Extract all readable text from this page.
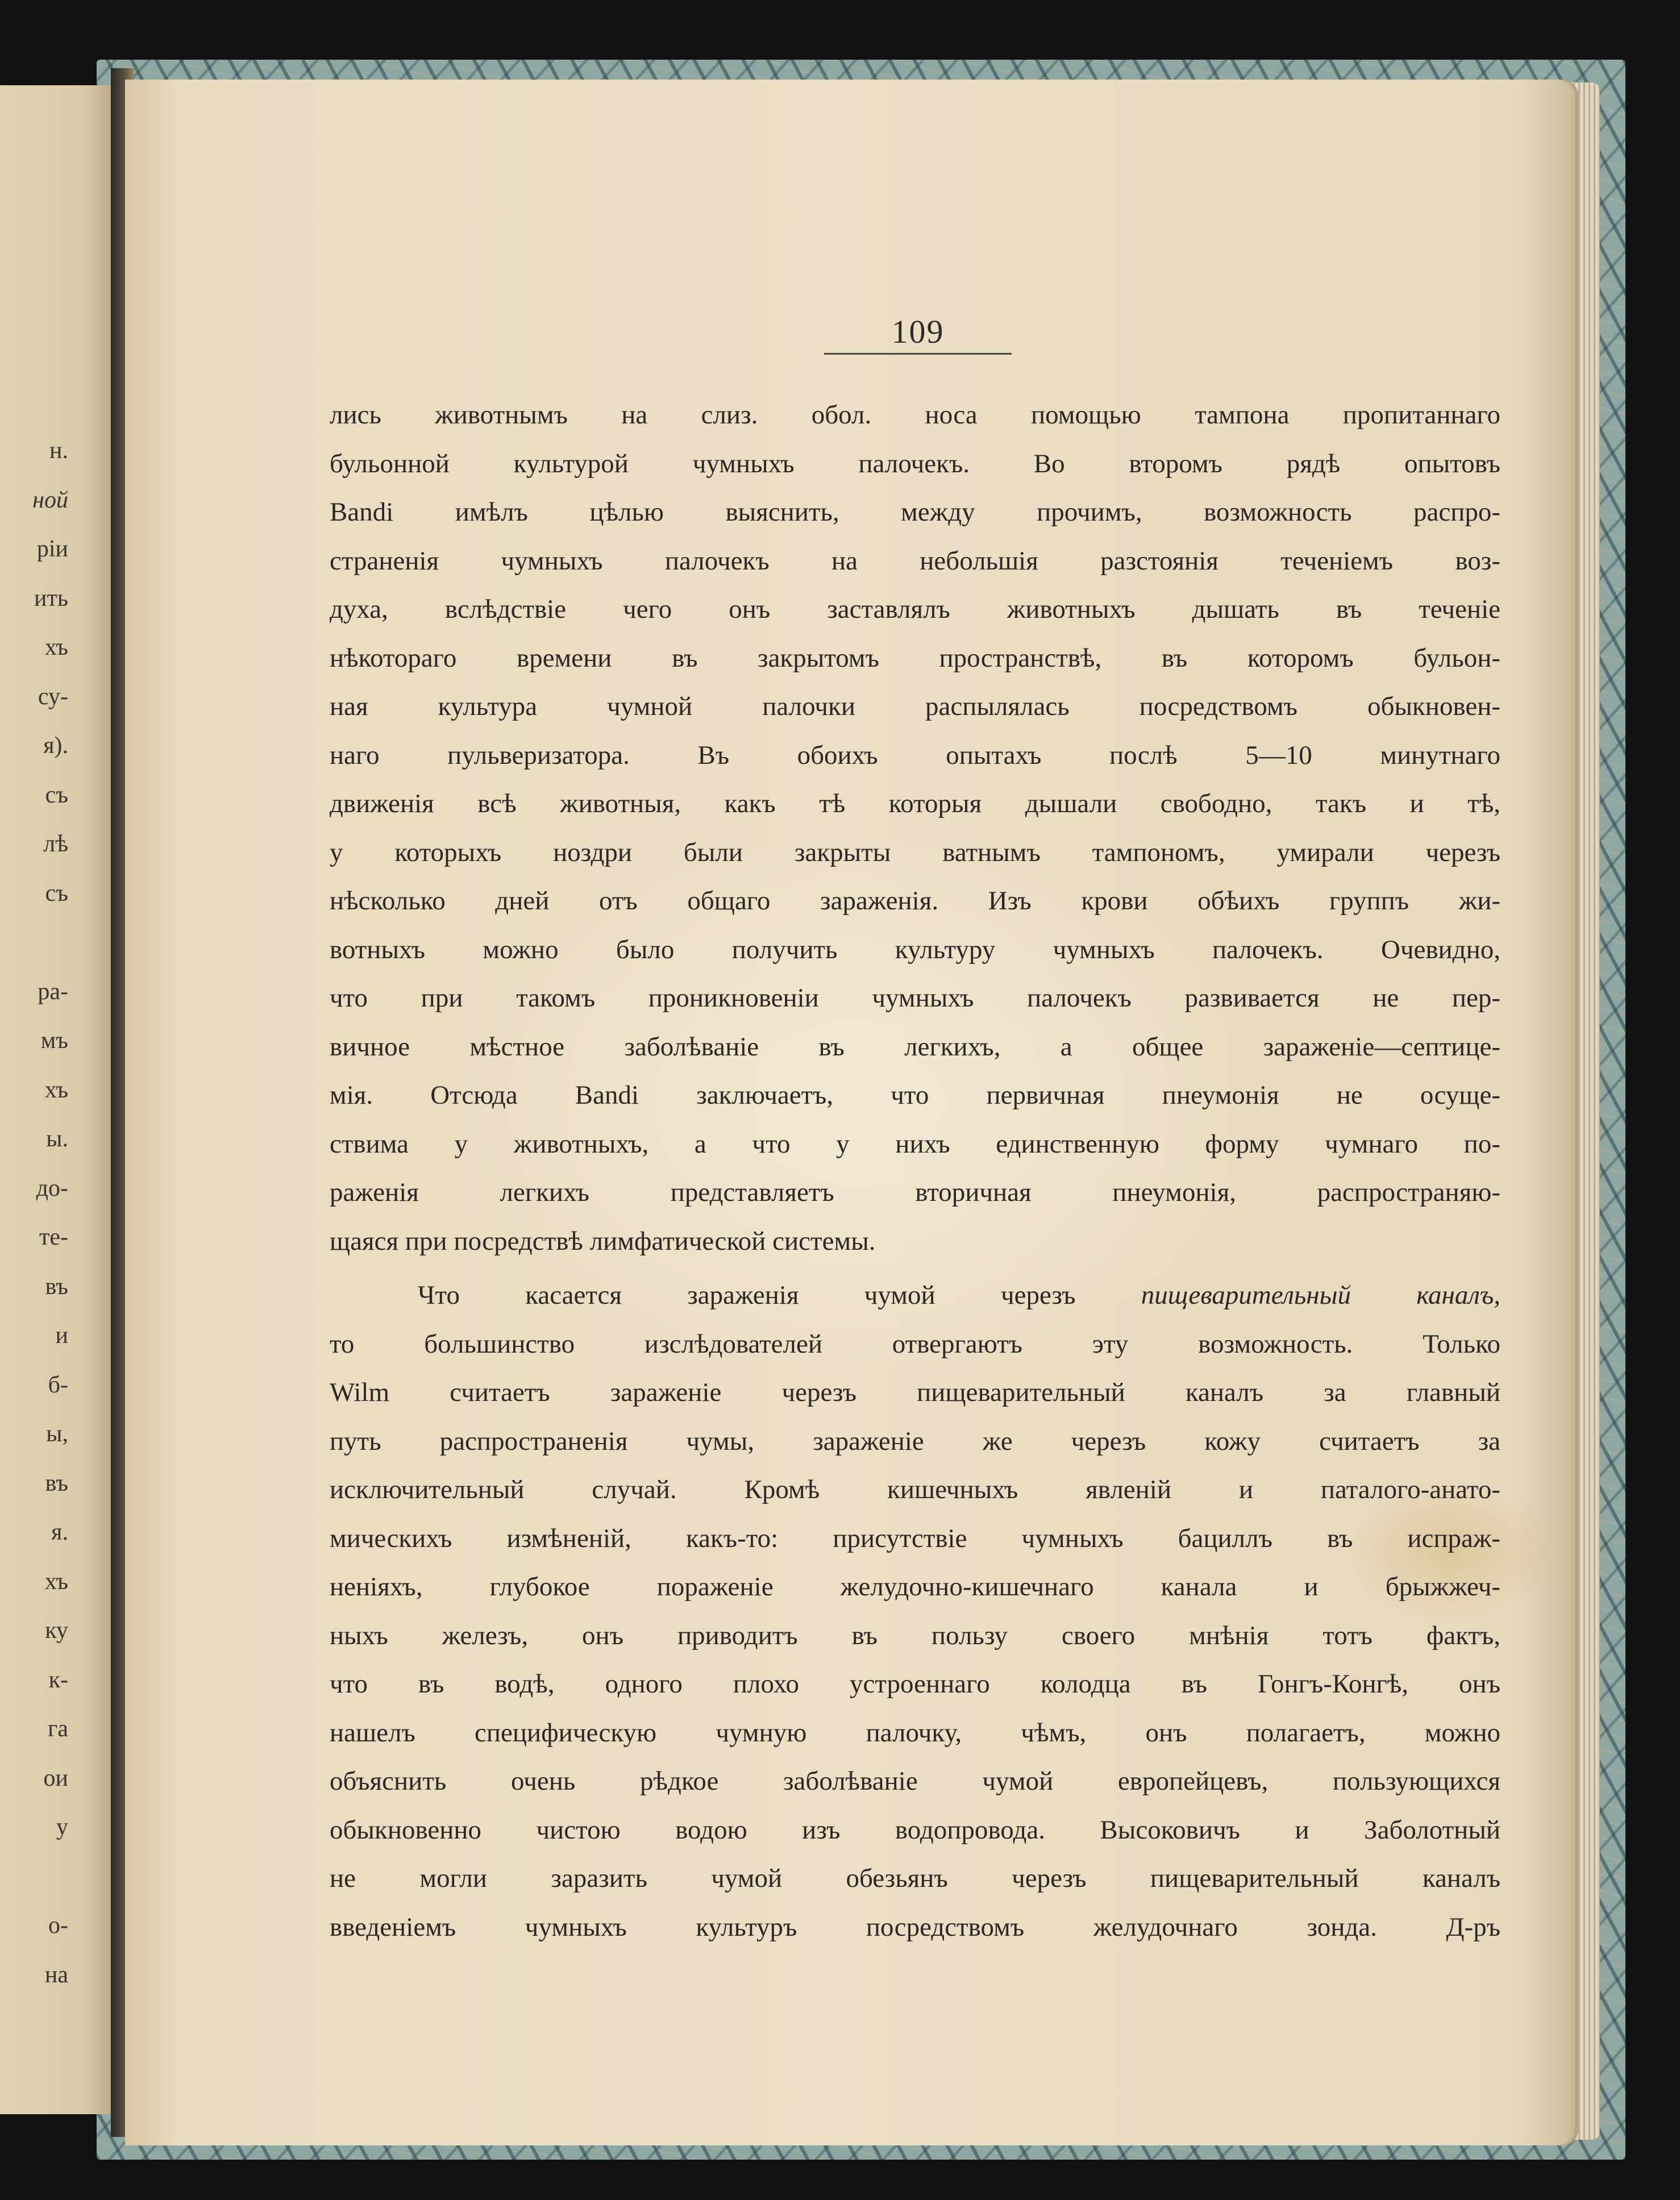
н.
ной
рiи
ить
хъ
су-
я).
съ
лѣ
съ
ра-
мъ
хъ
ы.
до-
те-
въ
и
б-
ы,
въ
я.
хъ
ку
к-
га
ои
у
о-
на
109
лись животнымъ на слиз. обол. носа помощью тампона пропитаннаго
бульонной культурой чумныхъ палочекъ. Во второмъ рядѣ опытовъ
Bandi имѣлъ цѣлью выяснить, между прочимъ, возможность распро-
страненія чумныхъ палочекъ на небольшія разстоянія теченіемъ воз-
духа, вслѣдствіе чего онъ заставлялъ животныхъ дышать въ теченіе
нѣкотораго времени въ закрытомъ пространствѣ, въ которомъ бульон-
ная культура чумной палочки распылялась посредствомъ обыкновен-
наго пульверизатора. Въ обоихъ опытахъ послѣ 5—10 минутнаго
движенія всѣ животныя, какъ тѣ которыя дышали свободно, такъ и тѣ,
у которыхъ ноздри были закрыты ватнымъ тампономъ, умирали черезъ
нѣсколько дней отъ общаго зараженія. Изъ крови обѣихъ группъ жи-
вотныхъ можно было получить культуру чумныхъ палочекъ. Очевидно,
что при такомъ проникновеніи чумныхъ палочекъ развивается не пер-
вичное мѣстное заболѣваніе въ легкихъ, а общее зараженіе—септице-
мія. Отсюда Bandi заключаетъ, что первичная пнеумонія не осуще-
ствима у животныхъ, а что у нихъ единственную форму чумнаго по-
раженія легкихъ представляетъ вторичная пнеумонія, распространяю-
щаяся при посредствѣ лимфатической системы.
Что касается зараженія чумой черезъ пищеварительный каналъ,
то большинство изслѣдователей отвергаютъ эту возможность. Только
Wilm считаетъ зараженіе черезъ пищеварительный каналъ за главный
путь распространенія чумы, зараженіе же черезъ кожу считаетъ за
исключительный случай. Кромѣ кишечныхъ явленій и паталого-анато-
мическихъ измѣненій, какъ-то: присутствіе чумныхъ бациллъ въ испраж-
неніяхъ, глубокое пораженіе желудочно-кишечнаго канала и брыжжеч-
ныхъ железъ, онъ приводитъ въ пользу своего мнѣнія тотъ фактъ,
что въ водѣ, одного плохо устроеннаго колодца въ Гонгъ-Конгѣ, онъ
нашелъ специфическую чумную палочку, чѣмъ, онъ полагаетъ, можно
объяснить очень рѣдкое заболѣваніе чумой европейцевъ, пользующихся
обыкновенно чистою водою изъ водопровода. Высоковичъ и Заболотный
не могли заразить чумой обезьянъ черезъ пищеварительный каналъ
введеніемъ чумныхъ культуръ посредствомъ желудочнаго зонда. Д-ръ
